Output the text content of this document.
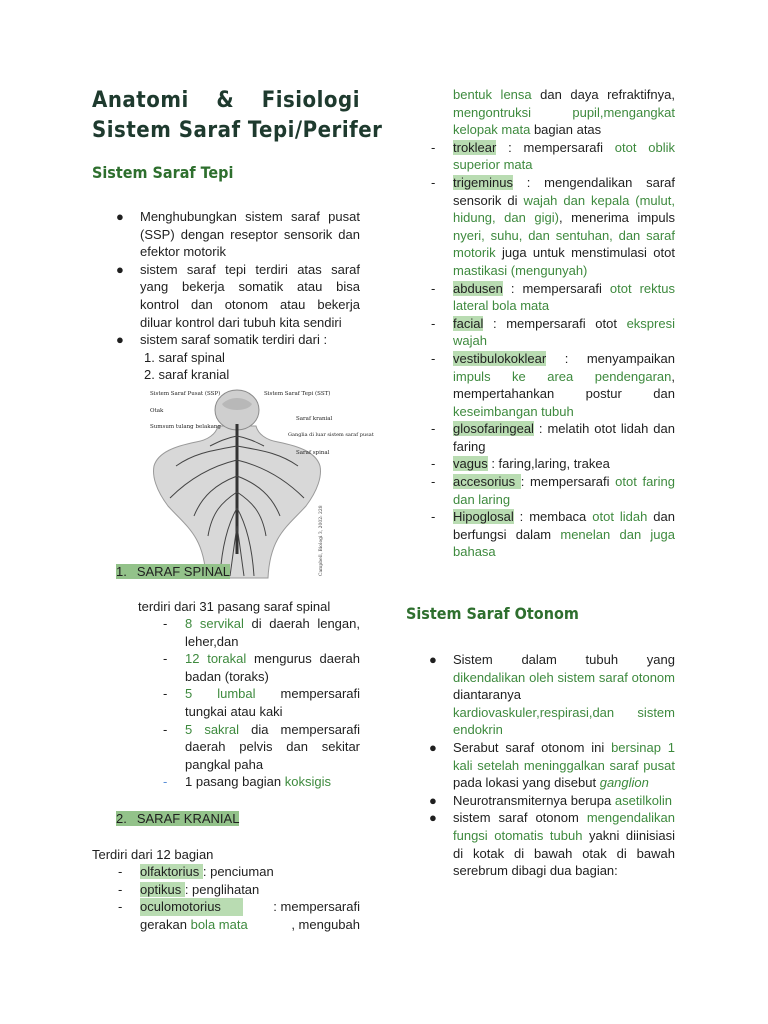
Anatomi & Fisiologi
Sistem Saraf Tepi/Perifer
Sistem Saraf Tepi
● Menghubungkan sistem saraf pusat (SSP) dengan reseptor sensorik dan efektor motorik
● sistem saraf tepi terdiri atas saraf yang bekerja somatik atau bisa kontrol dan otonom atau bekerja diluar kontrol dari tubuh kita sendiri
● sistem saraf somatik terdiri dari :
1. saraf spinal
2. saraf kranial
Sistem Saraf Pusat (SSP)	Sistem Saraf Tepi (SST)
Otak
Sumsum tulang belakang
Saraf kranial
Ganglia di luar sistem saraf pusat
Saraf spinal
Campbell, Biologi 3, 2002: 228
1. SARAF SPINAL
terdiri dari 31 pasang saraf spinal
- 8 servikal di daerah lengan, leher,dan
- 12 torakal mengurus daerah badan (toraks)
- 5 lumbal mempersarafi tungkai atau kaki
- 5 sakral dia mempersarafi daerah pelvis dan sekitar pangkal paha
- 1 pasang bagian koksigis
2. SARAF KRANIAL
Terdiri dari 12 bagian
- olfaktorius : penciuman
- optikus : penglihatan
- oculomotorius	: mempersarafi
gerakan bola mata	, mengubah
bentuk lensa dan daya refraktifnya, mengontruksi pupil,mengangkat kelopak mata bagian atas
- troklear : mempersarafi otot oblik superior mata
- trigeminus : mengendalikan saraf sensorik di wajah dan kepala (mulut, hidung, dan gigi), menerima impuls nyeri, suhu, dan sentuhan, dan saraf motorik juga untuk menstimulasi otot mastikasi (mengunyah)
- abdusen : mempersarafi otot rektus lateral bola mata
- facial : mempersarafi otot ekspresi wajah
- vestibulokoklear : menyampaikan impuls ke area pendengaran, mempertahankan postur dan keseimbangan tubuh
- glosofaringeal : melatih otot lidah dan faring
- vagus : faring,laring, trakea
- accesorius : mempersarafi otot faring dan laring
- Hipoglosal : membaca otot lidah dan berfungsi dalam menelan dan juga bahasa
Sistem Saraf Otonom
● Sistem dalam tubuh yang dikendalikan oleh sistem saraf otonom diantaranya kardiovaskuler,respirasi,dan sistem endokrin
● Serabut saraf otonom ini bersinap 1 kali setelah meninggalkan saraf pusat pada lokasi yang disebut ganglion
● Neurotransmiternya berupa asetilkolin
● sistem saraf otonom mengendalikan fungsi otomatis tubuh yakni diinisiasi di kotak di bawah otak di bawah serebrum dibagi dua bagian:
